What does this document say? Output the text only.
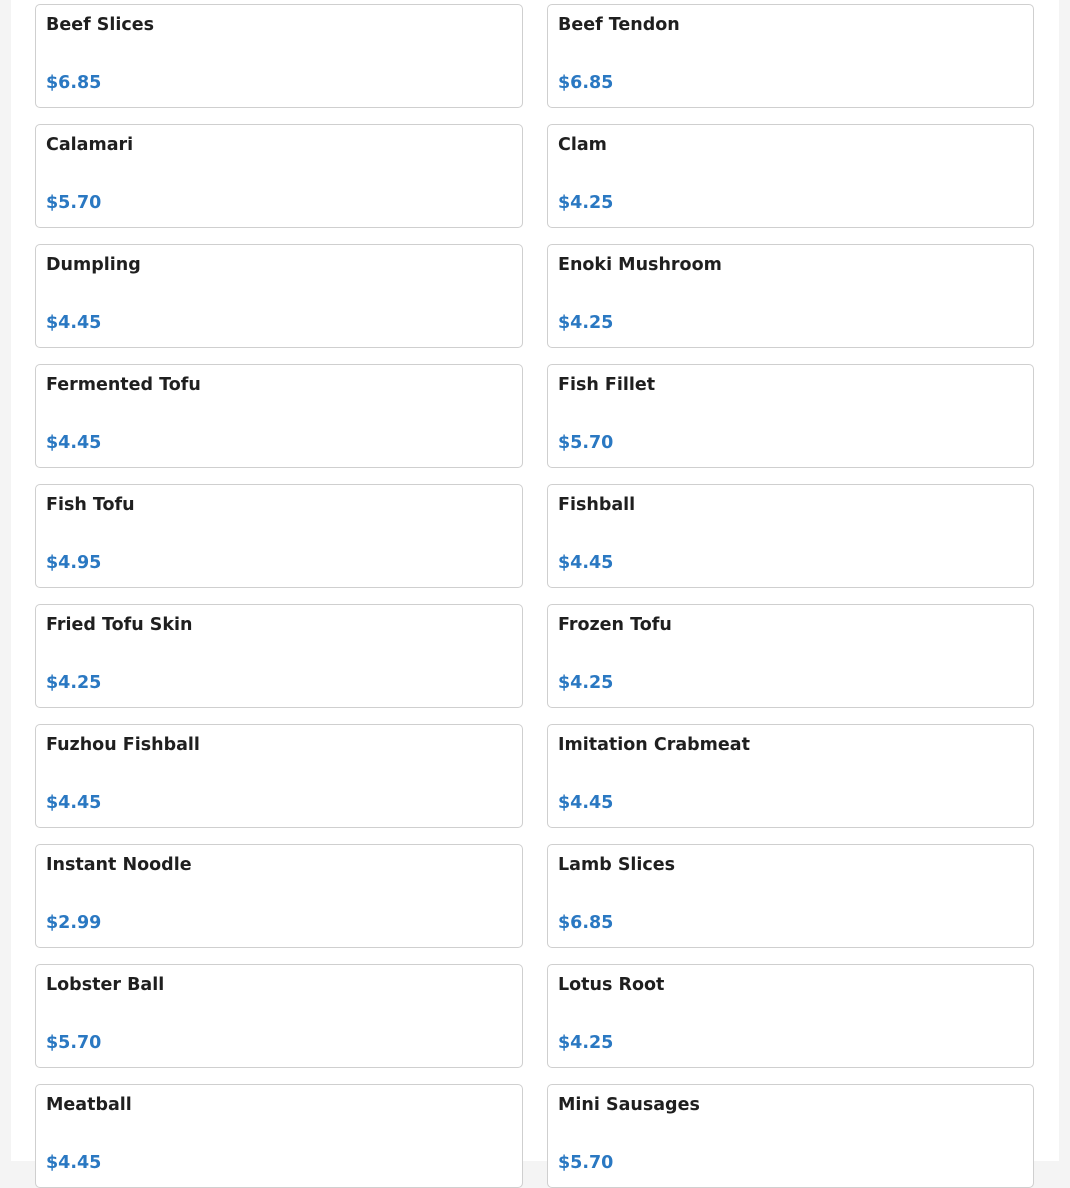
Beef Slices
$6.85
Beef Tendon
$6.85
Calamari
$5.70
Clam
$4.25
Dumpling
$4.45
Enoki Mushroom
$4.25
Fermented Tofu
$4.45
Fish Fillet
$5.70
Fish Tofu
$4.95
Fishball
$4.45
Fried Tofu Skin
$4.25
Frozen Tofu
$4.25
Fuzhou Fishball
$4.45
Imitation Crabmeat
$4.45
Instant Noodle
$2.99
Lamb Slices
$6.85
Lobster Ball
$5.70
Lotus Root
$4.25
Meatball
$4.45
Mini Sausages
$5.70
